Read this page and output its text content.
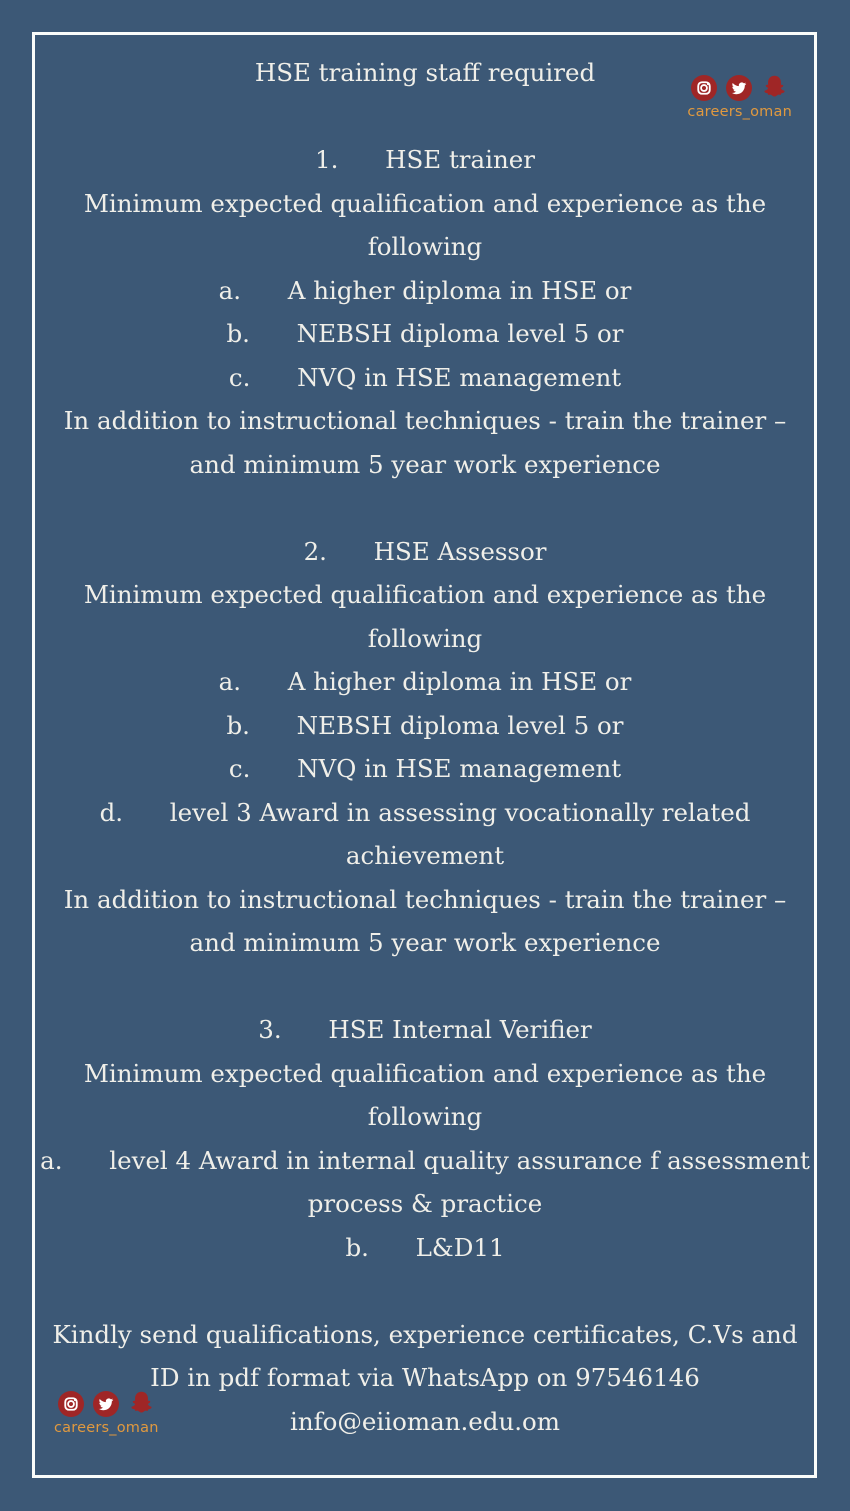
HSE training staff required
1.      HSE trainer
Minimum expected qualification and experience as the
following
a.      A higher diploma in HSE or
b.      NEBSH diploma level 5 or
c.      NVQ in HSE management
In addition to instructional techniques - train the trainer –
and minimum 5 year work experience
2.      HSE Assessor
Minimum expected qualification and experience as the
following
a.      A higher diploma in HSE or
b.      NEBSH diploma level 5 or
c.      NVQ in HSE management
d.      level 3 Award in assessing vocationally related
achievement
In addition to instructional techniques - train the trainer –
and minimum 5 year work experience
3.      HSE Internal Verifier
Minimum expected qualification and experience as the
following
a.      level 4 Award in internal quality assurance f assessment
process & practice
b.      L&D11
Kindly send qualifications, experience certificates, C.Vs and
ID in pdf format via WhatsApp on 97546146
info@eiioman.edu.om
careers_oman
careers_oman
